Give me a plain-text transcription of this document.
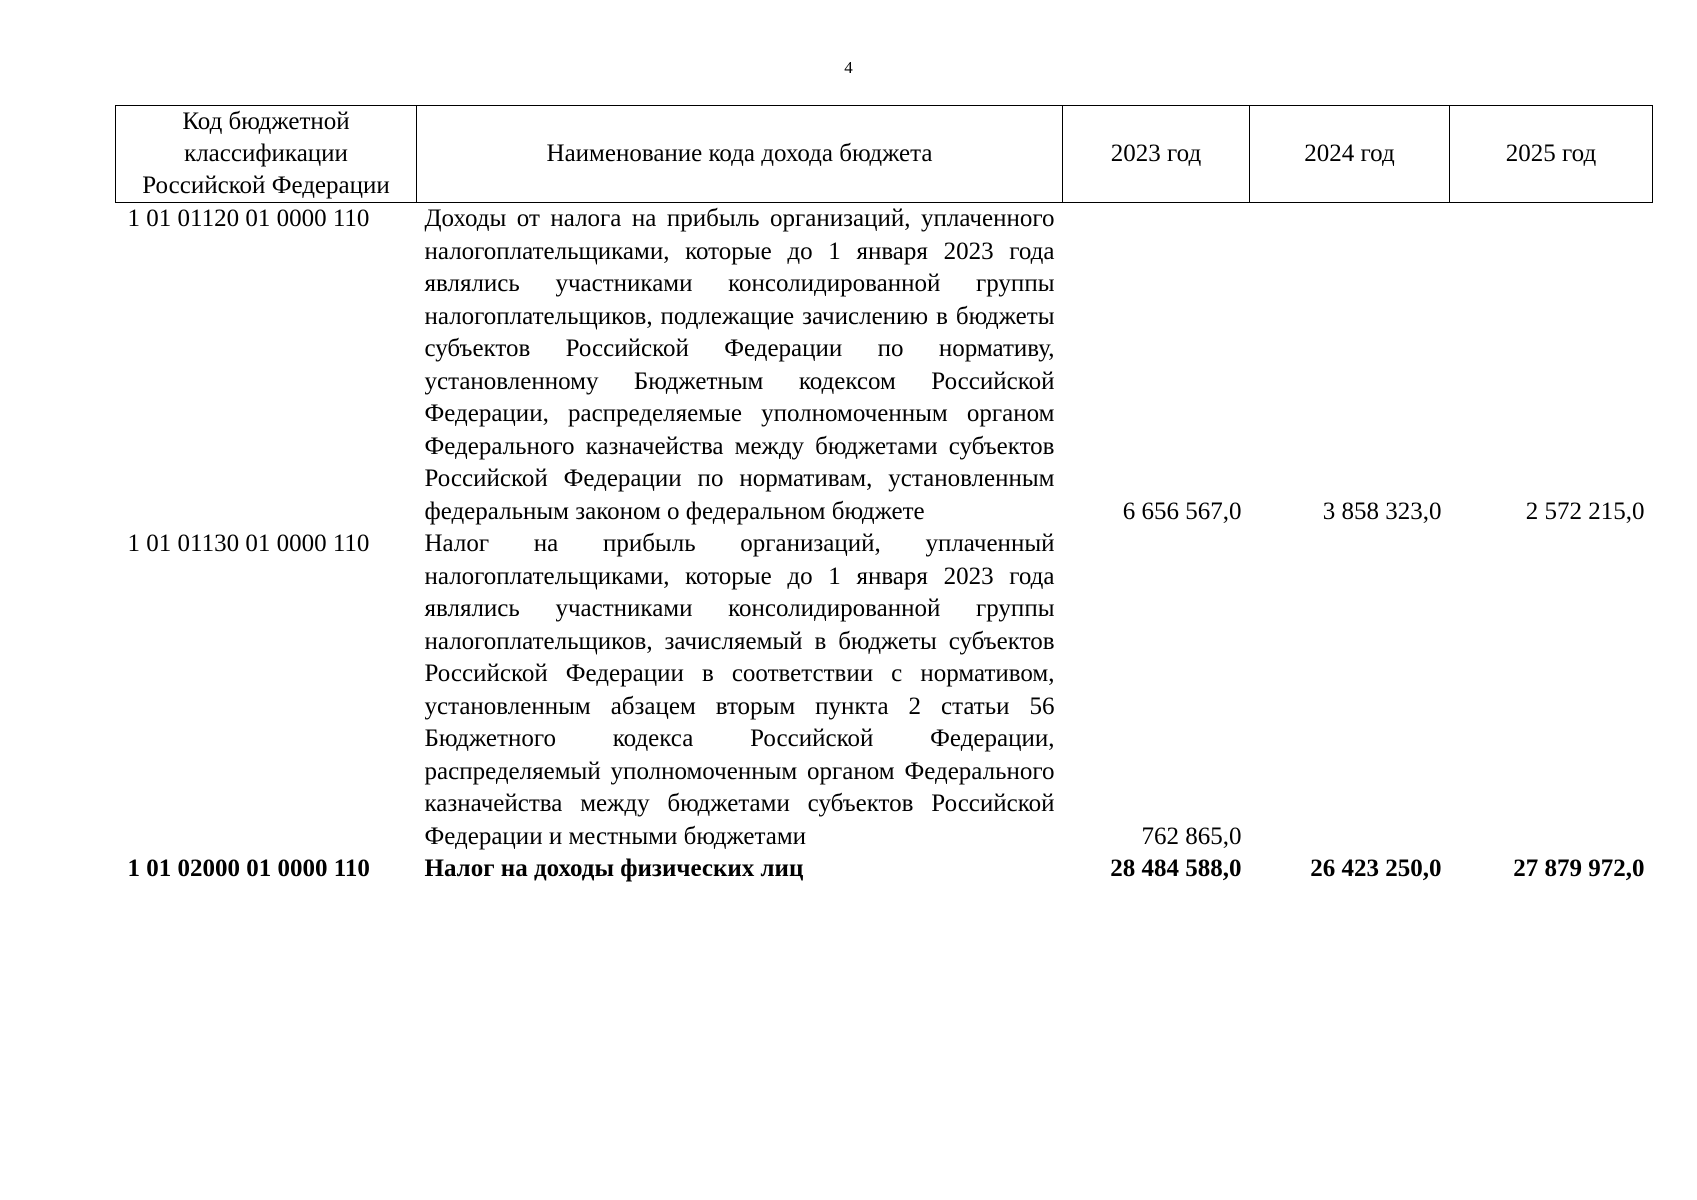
4
Код бюджетной классификации Российской Федерации	Наименование кода дохода бюджета	2023 год	2024 год	2025 год
1 01 01120 01 0000 110	Доходы от налога на прибыль организаций, уплаченного налогоплательщиками, которые до 1 января 2023 года являлись участниками консолидированной группы налогоплательщиков, подлежащие зачислению в бюджеты субъектов Российской Федерации по нормативу, установленному Бюджетным кодексом Российской Федерации, распределяемые уполномоченным органом Федерального казначейства между бюджетами субъектов Российской Федерации по нормативам, установленным федеральным законом о федеральном бюджете	6 656 567,0	3 858 323,0	2 572 215,0
1 01 01130 01 0000 110	Налог на прибыль организаций, уплаченный налогоплательщиками, которые до 1 января 2023 года являлись участниками консолидированной группы налогоплательщиков, зачисляемый в бюджеты субъектов Российской Федерации в соответствии с нормативом, установленным абзацем вторым пункта 2 статьи 56 Бюджетного кодекса Российской Федерации, распределяемый уполномоченным органом Федерального казначейства между бюджетами субъектов Российской Федерации и местными бюджетами	762 865,0		
1 01 02000 01 0000 110	Налог на доходы физических лиц	28 484 588,0	26 423 250,0	27 879 972,0
